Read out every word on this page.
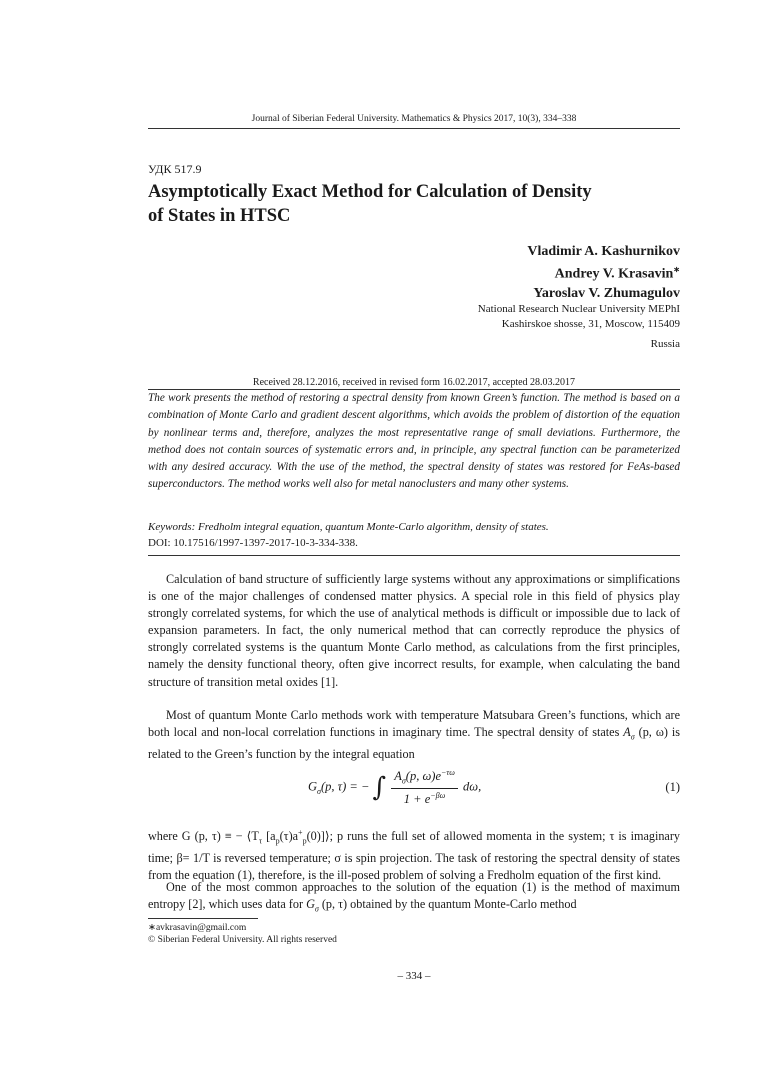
Journal of Siberian Federal University. Mathematics & Physics 2017, 10(3), 334–338
УДК 517.9
Asymptotically Exact Method for Calculation of Density
of States in HTSC
Vladimir A. Kashurnikov
Andrey V. Krasavin∗
Yaroslav V. Zhumagulov
National Research Nuclear University MEPhI
Kashirskoe shosse, 31, Moscow, 115409
Russia
Received 28.12.2016, received in revised form 16.02.2017, accepted 28.03.2017
The work presents the method of restoring a spectral density from known Green’s function. The method is based on a combination of Monte Carlo and gradient descent algorithms, which avoids the problem of distortion of the equation by nonlinear terms and, therefore, analyzes the most representative range of small deviations. Furthermore, the method does not contain sources of systematic errors and, in principle, any spectral function can be parameterized with any desired accuracy. With the use of the method, the spectral density of states was restored for FeAs-based superconductors. The method works well also for metal nanoclusters and many other systems.
Keywords: Fredholm integral equation, quantum Monte-Carlo algorithm, density of states.
DOI: 10.17516/1997-1397-2017-10-3-334-338.
Calculation of band structure of sufficiently large systems without any approximations or simplifications is one of the major challenges of condensed matter physics. A special role in this field of physics play strongly correlated systems, for which the use of analytical methods is difficult or impossible due to lack of expansion parameters. In fact, the only numerical method that can correctly reproduce the physics of strongly correlated systems is the quantum Monte Carlo method, as calculations from the first principles, namely the density functional theory, often give incorrect results, for example, when calculating the band structure of transition metal oxides [1].
Most of quantum Monte Carlo methods work with temperature Matsubara Green’s functions, which are both local and non-local correlation functions in imaginary time. The spectral density of states $A_\sigma$ (p, ω) is related to the Green’s function by the integral equation
$G_\sigma(p$, τ) = − ∫ $\frac{A_\sigma(p, \omega)e^{-\tau\omega}}{1 + e^{-\beta\omega}} d\omega$,	(1)
where G (p, τ) ≡ − $⟨T_\tau$ $[a_p(\tau)a^+_p(0)]⟩$; p runs the full set of allowed momenta in the system; τ is imaginary time; β= 1/T is reversed temperature; σ is spin projection. The task of restoring the spectral density of states from the equation (1), therefore, is the ill-posed problem of solving a Fredholm equation of the first kind.
One of the most common approaches to the solution of the equation (1) is the method of maximum entropy [2], which uses data for $G_\sigma$ (p, τ) obtained by the quantum Monte-Carlo method
∗avkrasavin@gmail.com
© Siberian Federal University. All rights reserved
– 334 –
